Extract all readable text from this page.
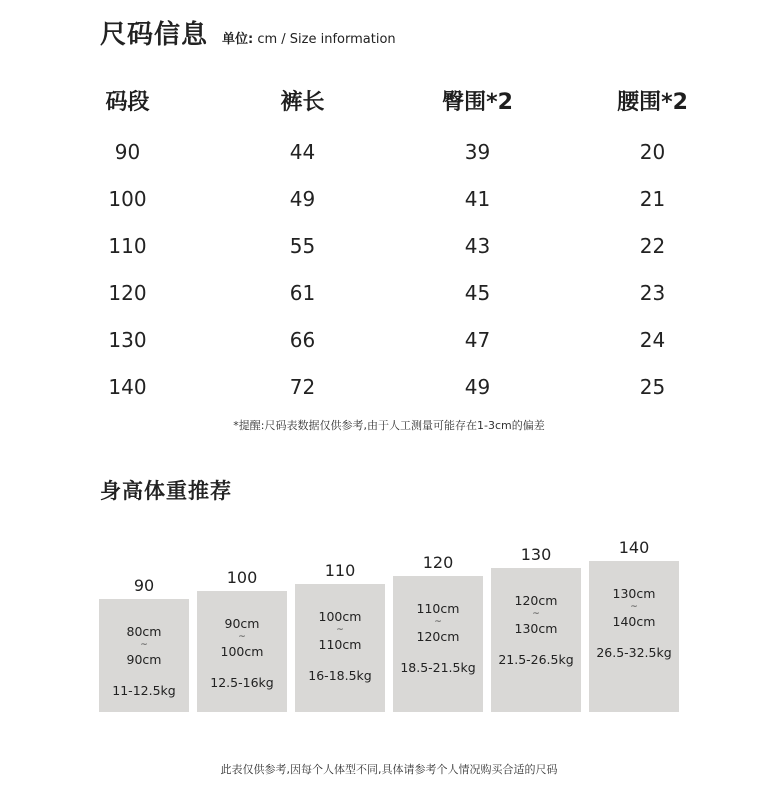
尺码信息 单位: cm / Size information
码段	裤长	臀围*2	腰围*2
90	44	39	20
100	49	41	21
110	55	43	22
120	61	45	23
130	66	47	24
140	72	49	25
*提醒:尺码表数据仅供参考,由于人工测量可能存在1-3cm的偏差
身高体重推荐
90
80cm
~
90cm
11-12.5kg
100
90cm
~
100cm
12.5-16kg
110
100cm
~
110cm
16-18.5kg
120
110cm
~
120cm
18.5-21.5kg
130
120cm
~
130cm
21.5-26.5kg
140
130cm
~
140cm
26.5-32.5kg
此表仅供参考,因每个人体型不同,具体请参考个人情况购买合适的尺码
